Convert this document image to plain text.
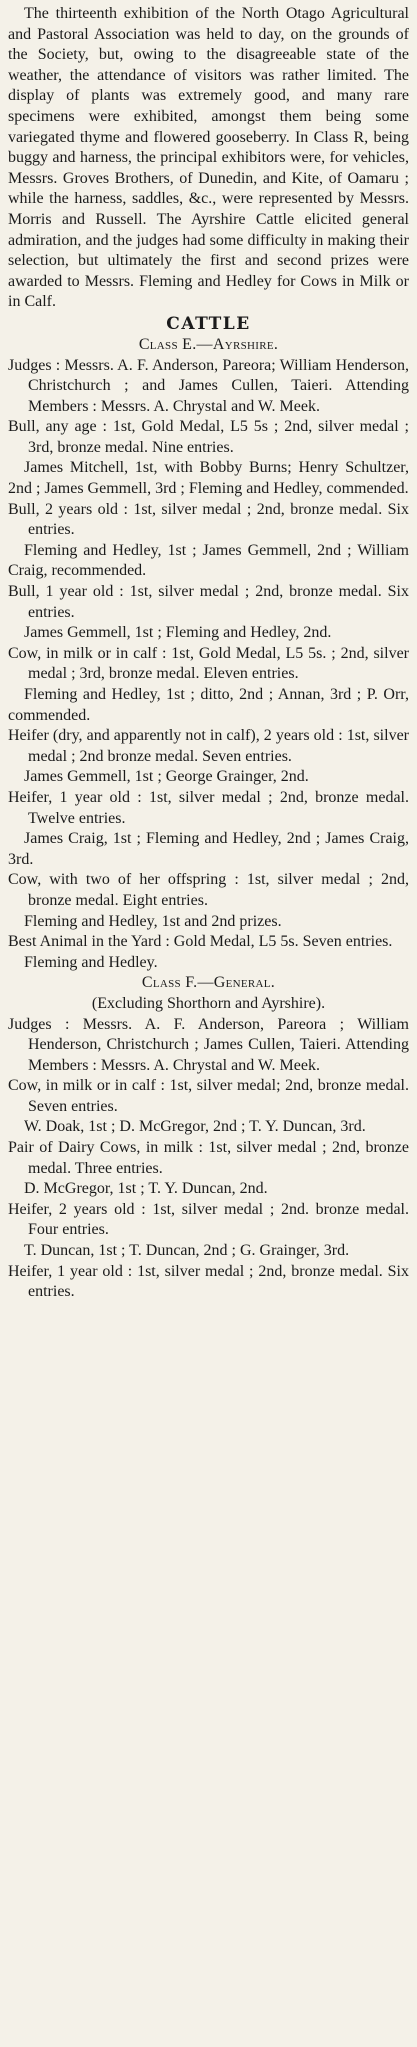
The thirteenth exhibition of the North Otago Agricultural and Pastoral Association was held to day, on the grounds of the Society, but, owing to the disagreeable state of the weather, the attendance of visitors was rather limited. The display of plants was extremely good, and many rare specimens were exhibited, amongst them being some variegated thyme and flowered gooseberry. In Class R, being buggy and harness, the principal exhibitors were, for vehicles, Messrs. Groves Brothers, of Dunedin, and Kite, of Oamaru ; while the harness, saddles, &c., were represented by Messrs. Morris and Russell. The Ayrshire Cattle elicited general admiration, and the judges had some difficulty in making their selection, but ultimately the first and second prizes were awarded to Messrs. Fleming and Hedley for Cows in Milk or in Calf.

CATTLE

Class E.—Ayrshire.

Judges : Messrs. A. F. Anderson, Pareora; William Henderson, Christchurch ; and James Cullen, Taieri. Attending Members : Messrs. A. Chrystal and W. Meek.

Bull, any age : 1st, Gold Medal, L5 5s ; 2nd, silver medal ; 3rd, bronze medal. Nine entries.

James Mitchell, 1st, with Bobby Burns; Henry Schultzer, 2nd ; James Gemmell, 3rd ; Fleming and Hedley, commended.

Bull, 2 years old : 1st, silver medal ; 2nd, bronze medal. Six entries.

Fleming and Hedley, 1st ; James Gemmell, 2nd ; William Craig, recommended.

Bull, 1 year old : 1st, silver medal ; 2nd, bronze medal. Six entries.

James Gemmell, 1st ; Fleming and Hedley, 2nd.

Cow, in milk or in calf : 1st, Gold Medal, L5 5s. ; 2nd, silver medal ; 3rd, bronze medal. Eleven entries.

Fleming and Hedley, 1st ; ditto, 2nd ; Annan, 3rd ; P. Orr, commended.

Heifer (dry, and apparently not in calf), 2 years old : 1st, silver medal ; 2nd bronze medal. Seven entries.

James Gemmell, 1st ; George Grainger, 2nd.

Heifer, 1 year old : 1st, silver medal ; 2nd, bronze medal. Twelve entries.

James Craig, 1st ; Fleming and Hedley, 2nd ; James Craig, 3rd.

Cow, with two of her offspring : 1st, silver medal ; 2nd, bronze medal. Eight entries.

Fleming and Hedley, 1st and 2nd prizes.

Best Animal in the Yard : Gold Medal, L5 5s. Seven entries.

Fleming and Hedley.

Class F.—General.

(Excluding Shorthorn and Ayrshire).

Judges : Messrs. A. F. Anderson, Pareora ; William Henderson, Christchurch ; James Cullen, Taieri. Attending Members : Messrs. A. Chrystal and W. Meek.

Cow, in milk or in calf : 1st, silver medal; 2nd, bronze medal. Seven entries.

W. Doak, 1st ; D. McGregor, 2nd ; T. Y. Duncan, 3rd.

Pair of Dairy Cows, in milk : 1st, silver medal ; 2nd, bronze medal. Three entries.

D. McGregor, 1st ; T. Y. Duncan, 2nd.

Heifer, 2 years old : 1st, silver medal ; 2nd. bronze medal. Four entries.

T. Duncan, 1st ; T. Duncan, 2nd ; G. Grainger, 3rd.

Heifer, 1 year old : 1st, silver medal ; 2nd, bronze medal. Six entries.
